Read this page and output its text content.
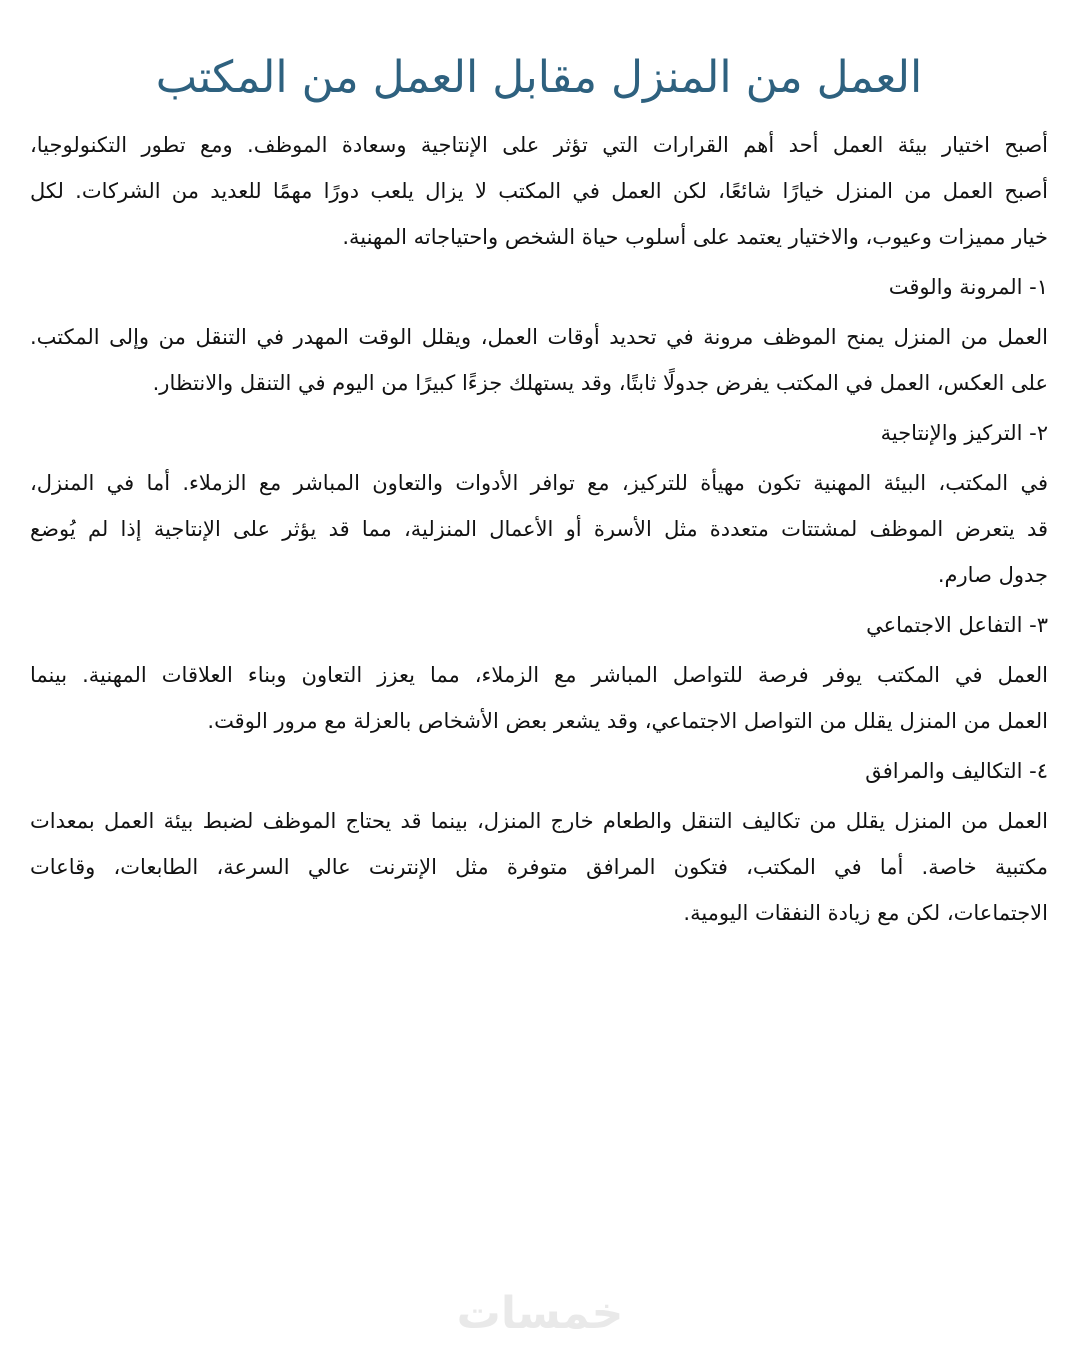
العمل من المنزل مقابل العمل من المكتب
أصبح اختيار بيئة العمل أحد أهم القرارات التي تؤثر على الإنتاجية وسعادة الموظف. ومع تطور التكنولوجيا،
أصبح العمل من المنزل خيارًا شائعًا، لكن العمل في المكتب لا يزال يلعب دورًا مهمًا للعديد من الشركات. لكل
خيار مميزات وعيوب، والاختيار يعتمد على أسلوب حياة الشخص واحتياجاته المهنية.
١- المرونة والوقت
العمل من المنزل يمنح الموظف مرونة في تحديد أوقات العمل، ويقلل الوقت المهدر في التنقل من وإلى المكتب.
على العكس، العمل في المكتب يفرض جدولًا ثابتًا، وقد يستهلك جزءًا كبيرًا من اليوم في التنقل والانتظار.
٢- التركيز والإنتاجية
في المكتب، البيئة المهنية تكون مهيأة للتركيز، مع توافر الأدوات والتعاون المباشر مع الزملاء. أما في المنزل،
قد يتعرض الموظف لمشتتات متعددة مثل الأسرة أو الأعمال المنزلية، مما قد يؤثر على الإنتاجية إذا لم يُوضع
جدول صارم.
٣- التفاعل الاجتماعي
العمل في المكتب يوفر فرصة للتواصل المباشر مع الزملاء، مما يعزز التعاون وبناء العلاقات المهنية. بينما
العمل من المنزل يقلل من التواصل الاجتماعي، وقد يشعر بعض الأشخاص بالعزلة مع مرور الوقت.
٤- التكاليف والمرافق
العمل من المنزل يقلل من تكاليف التنقل والطعام خارج المنزل، بينما قد يحتاج الموظف لضبط بيئة العمل بمعدات
مكتبية خاصة. أما في المكتب، فتكون المرافق متوفرة مثل الإنترنت عالي السرعة، الطابعات، وقاعات
الاجتماعات، لكن مع زيادة النفقات اليومية.
خمسات
